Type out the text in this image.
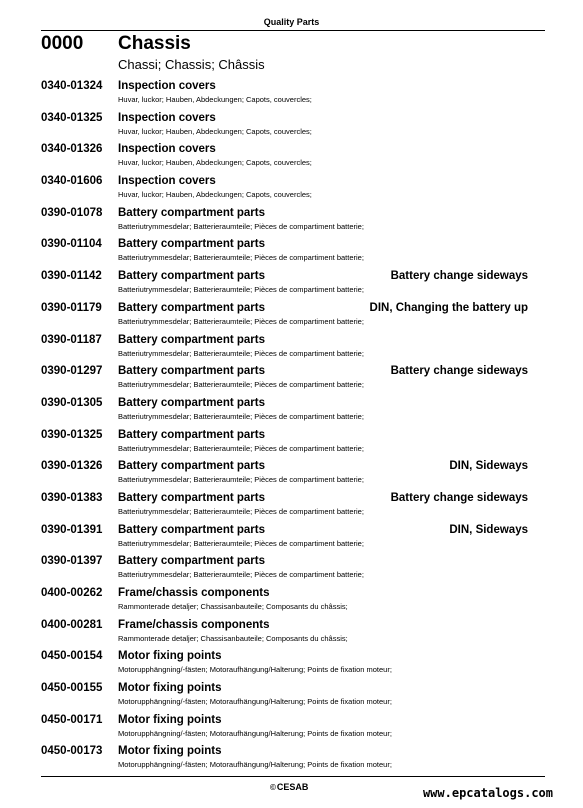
Quality Parts
0000 Chassis
Chassi; Chassis; Châssis
0340-01324 Inspection covers
Huvar, luckor; Hauben, Abdeckungen; Capots, couvercles;
0340-01325 Inspection covers
Huvar, luckor; Hauben, Abdeckungen; Capots, couvercles;
0340-01326 Inspection covers
Huvar, luckor; Hauben, Abdeckungen; Capots, couvercles;
0340-01606 Inspection covers
Huvar, luckor; Hauben, Abdeckungen; Capots, couvercles;
0390-01078 Battery compartment parts
Batteriutrymmesdelar; Batterieraumteile; Pièces de compartiment batterie;
0390-01104 Battery compartment parts
Batteriutrymmesdelar; Batterieraumteile; Pièces de compartiment batterie;
0390-01142 Battery compartment parts	Battery change sideways
Batteriutrymmesdelar; Batterieraumteile; Pièces de compartiment batterie;
0390-01179 Battery compartment parts	DIN, Changing the battery up
Batteriutrymmesdelar; Batterieraumteile; Pièces de compartiment batterie;
0390-01187 Battery compartment parts
Batteriutrymmesdelar; Batterieraumteile; Pièces de compartiment batterie;
0390-01297 Battery compartment parts	Battery change sideways
Batteriutrymmesdelar; Batterieraumteile; Pièces de compartiment batterie;
0390-01305 Battery compartment parts
Batteriutrymmesdelar; Batterieraumteile; Pièces de compartiment batterie;
0390-01325 Battery compartment parts
Batteriutrymmesdelar; Batterieraumteile; Pièces de compartiment batterie;
0390-01326 Battery compartment parts	DIN, Sideways
Batteriutrymmesdelar; Batterieraumteile; Pièces de compartiment batterie;
0390-01383 Battery compartment parts	Battery change sideways
Batteriutrymmesdelar; Batterieraumteile; Pièces de compartiment batterie;
0390-01391 Battery compartment parts	DIN, Sideways
Batteriutrymmesdelar; Batterieraumteile; Pièces de compartiment batterie;
0390-01397 Battery compartment parts
Batteriutrymmesdelar; Batterieraumteile; Pièces de compartiment batterie;
0400-00262 Frame/chassis components
Rammonterade detaljer; Chassisanbauteile; Composants du châssis;
0400-00281 Frame/chassis components
Rammonterade detaljer; Chassisanbauteile; Composants du châssis;
0450-00154 Motor fixing points
Motorupphängning/-fästen; Motoraufhängung/Halterung; Points de fixation moteur;
0450-00155 Motor fixing points
Motorupphängning/-fästen; Motoraufhängung/Halterung; Points de fixation moteur;
0450-00171 Motor fixing points
Motorupphängning/-fästen; Motoraufhängung/Halterung; Points de fixation moteur;
0450-00173 Motor fixing points
Motorupphängning/-fästen; Motoraufhängung/Halterung; Points de fixation moteur;
©CESAB	www.epcatalogs.com
